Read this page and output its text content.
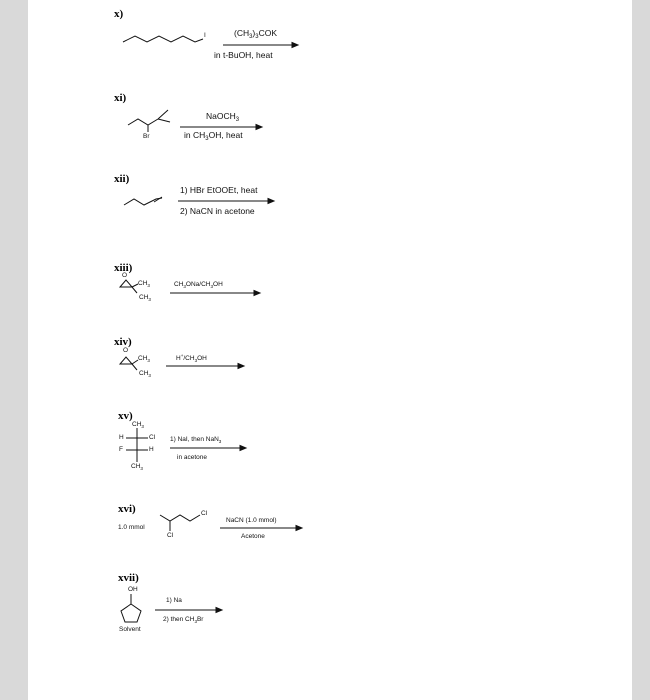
x)
I	$(CH_3)_3COK$
in t-BuOH, heat
xi)
Br
NaOCH$_3$
in $CH_3OH$, heat
xii)
1) HBr EtOOEt, heat
2) NaCN in acetone
xiii)
O
$CH_3$
$CH_3$
$CH_3ONa/CH_3OH$
xiv)
O
$CH_3$
$CH_3$
$H^+/CH_3OH$
xv)
$CH_3$
H	Cl
F	H
$CH_3$
1) NaI, then NaN$_3$
in acetone
xvi)
1.0 mmol
Cl
Cl
NaCN (1.0 mmol)
Acetone
xvii)
OH
1) Na
2) then $CH_3Br$
Solvent
